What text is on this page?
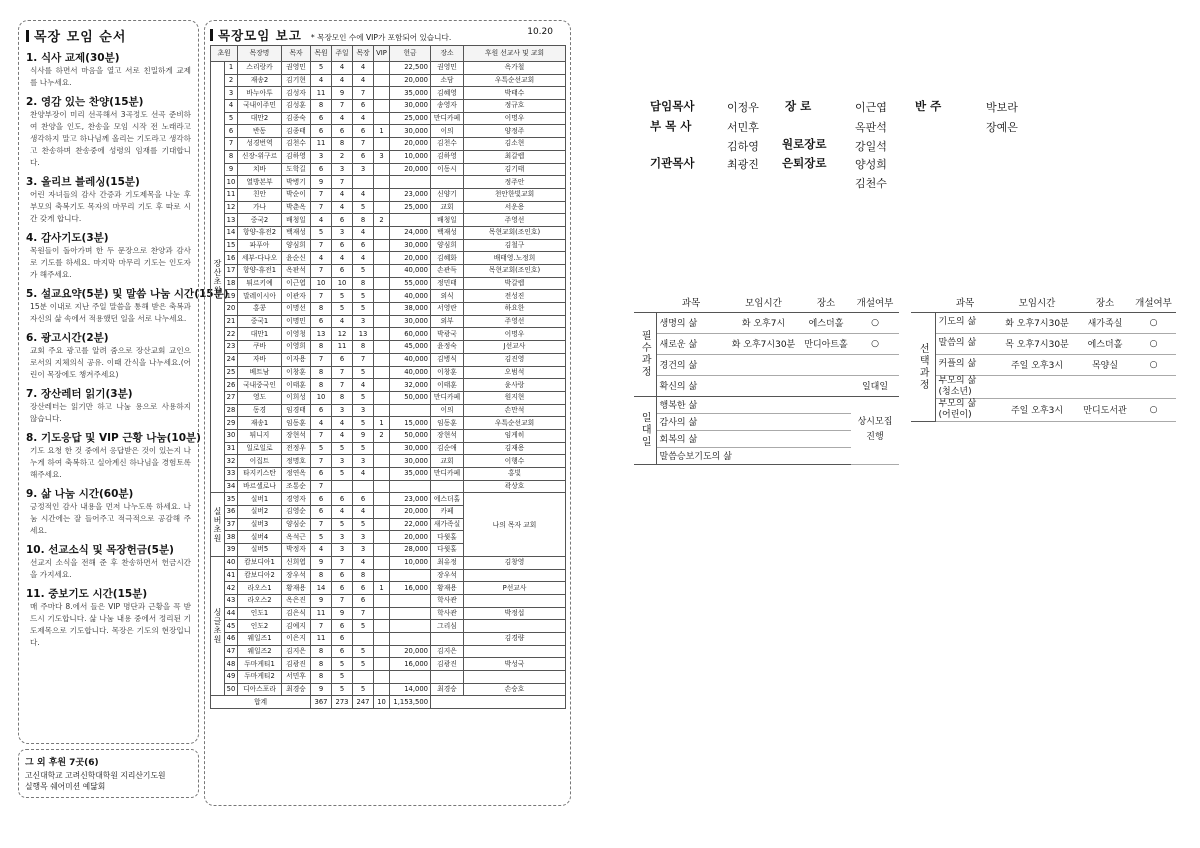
목장 모임 순서
1. 식사 교제(30분)
식사를 하면서 마음을 열고 서로 친밀하게 교제를 나누세요.
2. 영감 있는 찬양(15분)
찬양부장이 미리 선곡해서 3곡정도 선곡 준비하여 찬양을 인도, 찬송을 모임 시작 전 노래라고 생각하지 말고 하나님께 올리는 기도라고 생각하고 찬송하며 찬송중에 성령의 임재를 기대합니다.
3. 올리브 블레싱(15분)
어린 자녀들의 감사 간증과 기도제목을 나눈 후 부모의 축복기도 목자의 마무리 기도 후 따로 시간 갖게 합니다.
4. 감사기도(3분)
목원들이 돌아가며 한 두 문장으로 찬양과 감사로 기도를 하세요. 마지막 마무리 기도는 인도자가 해주세요.
5. 설교요약(5분) 및 말씀 나눔 시간(15분)
15분 이내로 지난 주일 말씀을 통해 받은 축복과 자신의 삶 속에서 적용했던 일을 서로 나누세요.
6. 광고시간(2분)
교회 주요 광고를 알려 줌으로 장산교회 교인으로서의 지체의식 공유. 이때 간식을 나누세요.(어린이 목장에도 챙겨주세요)
7. 장산레터 읽기(3분)
장산레터는 읽기만 하고 나눔 용으로 사용하지 않습니다.
8. 기도응답 및 VIP 근황 나눔(10분)
기도 요청 한 것 중에서 응답받은 것이 있는지 나누게 하여 축복하고 실아계신 하나님을 경험토록 해주세요.
9. 삶 나눔 시간(60분)
긍정적인 감사 내용을 먼저 나누도록 하세요. 나눔 시간에는 잘 들어주고 적극적으로 공감해 주세요.
10. 선교소식 및 목장헌금(5분)
선교지 소식을 전해 준 후 찬송하면서 헌금시간을 가지세요.
11. 중보기도 시간(15분)
매 주마다 8.에서 들은 VIP 명단과 근황을 꼭 받드시 기도합니다. 삶 나눔 내용 중에서 정리된 기도제목으로 기도합니다. 목장은 기도의 현장입니다.
그 외 후원 7곳(6)
고신대학교 고려신학대학원 지리산기도원
실행목 쉐어미션 예닮회
목장모임 보고 * 목장모인 수에 VIP가 포함되어 있습니다.
10.20
초원		목장명	목자	목원	주일	목장	VIP	헌금	장소	후원 선교사 및 교회
장산초원	1	스리랑카	권영민	5	4	4		22,500	권영민	옥가철
	2	재송2	김기현	4	4	4		20,000	소담	우특순선교회
	3	바누아투	김성자	11	9	7		35,000	김혜영	박태수
	4	국내이주민	김성훈	8	7	6		30,000	송영자	정규호
	5	대만2	김종숙	6	4	4		25,000	만디카페	이명우
	6	반동	김종태	6	6	6	1	30,000	이의	양정주
	7	성경번역	김천수	11	8	7		20,000	김천수	김소현
	8	신장-위구르	김하영	3	2	6	3	10,000	김하영	최갈렙
	9	치바	도학길	6	3	3		20,000	이동시	김기태
	10	열방본부	박병기	9	7					정주안
	11	친안	박순이	7	4	4		23,000	신양기	천안한빛교회
	12	가나	박춘옥	7	4	5		25,000	교회	서운용
	13	중국2	배청일	4	6	8	2		배청일	주영선
	14	항양-휴전2	백재성	5	3	4		24,000	백재성	목현교회(조인호)
	15	파푸아	양심희	7	6	6		30,000	양심희	김철구
	16	세부-다나오	윤순신	4	4	4		20,000	김혜화	배태영.노정희
	17	항양-휴전1	옥판석	7	6	5		40,000	손관득	목현교회(조인호)
	18	튀르키예	이근엽	10	10	8		55,000	정민태	박갈렙
	19	말레이시아	이관자	7	5	5		40,000	외식	전성진
	20	홍콩	이명선	8	5	5		38,000	서영란	하요한
	21	중국1	이명민	6	4	3		30,000	외부	주영선
	22	대만1	이영청	13	12	13		60,000	박광국	이명우
	23	쿠바	이영희	8	11	8		45,000	윤정숙	J선교사
	24	자바	이자용	7	6	7		40,000	김병식	김진영
	25	베트남	이창훈	8	7	5		40,000	이창훈	오범석
	26	국내중국인	이태훈	8	7	4		32,000	이태훈	윤사랑
	27	영도	이희성	10	8	5		50,000	만디카페	원지현
	28	동경	임경태	6	3	3			이의	손만석
	29	재송1	임동훈	4	4	5	1	15,000	임동훈	우특순선교회
	30	튀니지	장현석	7	4	9	2	50,000	장현석	임게히
	31	일로일로	전정우	5	5	5		30,000	김순애	김재용
	32	이집트	정명호	7	3	3		30,000	교회	이행수
	33	타지키스탄	정연옥	6	5	4		35,000	만디카페	홍빛
	34	바르셀로나	조통순	7						곽상호
실버초원	35	실버1	경영자	6	6	6		23,000	에스더홀	나의 목자 교회
	36	실버2	김영순	6	4	4		20,000	카페	
	37	실버3	양심순	7	5	5		22,000	새가족실	
	38	실버4	옥석근	5	3	3		20,000	다윗홀	
	39	실버5	박정자	4	3	3		28,000	다윗홀	
싱글초원	40	캄보디아1	신희엽	9	7	4		10,000	최유정	김창영
	41	캄보디아2	장우석	8	6	8			장우석	
	42	라오스1	황재용	14	6	6	1	16,000	황재용	P선교사
	43	라오스2	옥은진	9	7	6			학사관	
	44	인도1	김은식	11	9	7			학사관	박정섭
	45	인도2	김예지	7	6	5			그리심	
	46	웨일즈1	이은지	11	6					김경량
	47	웨일즈2	김지은	8	6	5		20,000	김지은	
	48	두마게티1	김광진	8	5	5		16,000	김광진	박성국
	49	두마게티2	서민후	8	5					
	50	디아스포라	최경승	9	5	5		14,000	최경승	손승호
합계				367	273	247	10	1,153,500		
담임목사	이정우
부 목 사	서민후
김하영
기관목사	최광진
장 로
원로장로
은퇴장로
이근엽
옥판석
강일석
양성희
김천수
반 주	박보라
장예은
	과목	모임시간	장소	개설여부
필수과정	생명의 삶	화 오후7시	에스더홀	○
	새로운 삶	화 오후7시30분	만디아트홀	○
	경건의 삶			
	확신의 삶			일대일
일대일	행복한 삶			상시모집
진행

	감사의 삶			
	회복의 삶			
	말씀승보기도의 삶			
	과목	모임시간	장소	개설여부
선택과정	기도의 삶	화 오후7시30분	새가족실	○
	말씀의 삶	목 오후7시30분	에스더홀	○
	커플의 삶	주일 오후3시	목양실	○
	부모의 삶
(청소년)			
	부모의 삶
(어린이)	주일 오후3시	만디도서관	○
